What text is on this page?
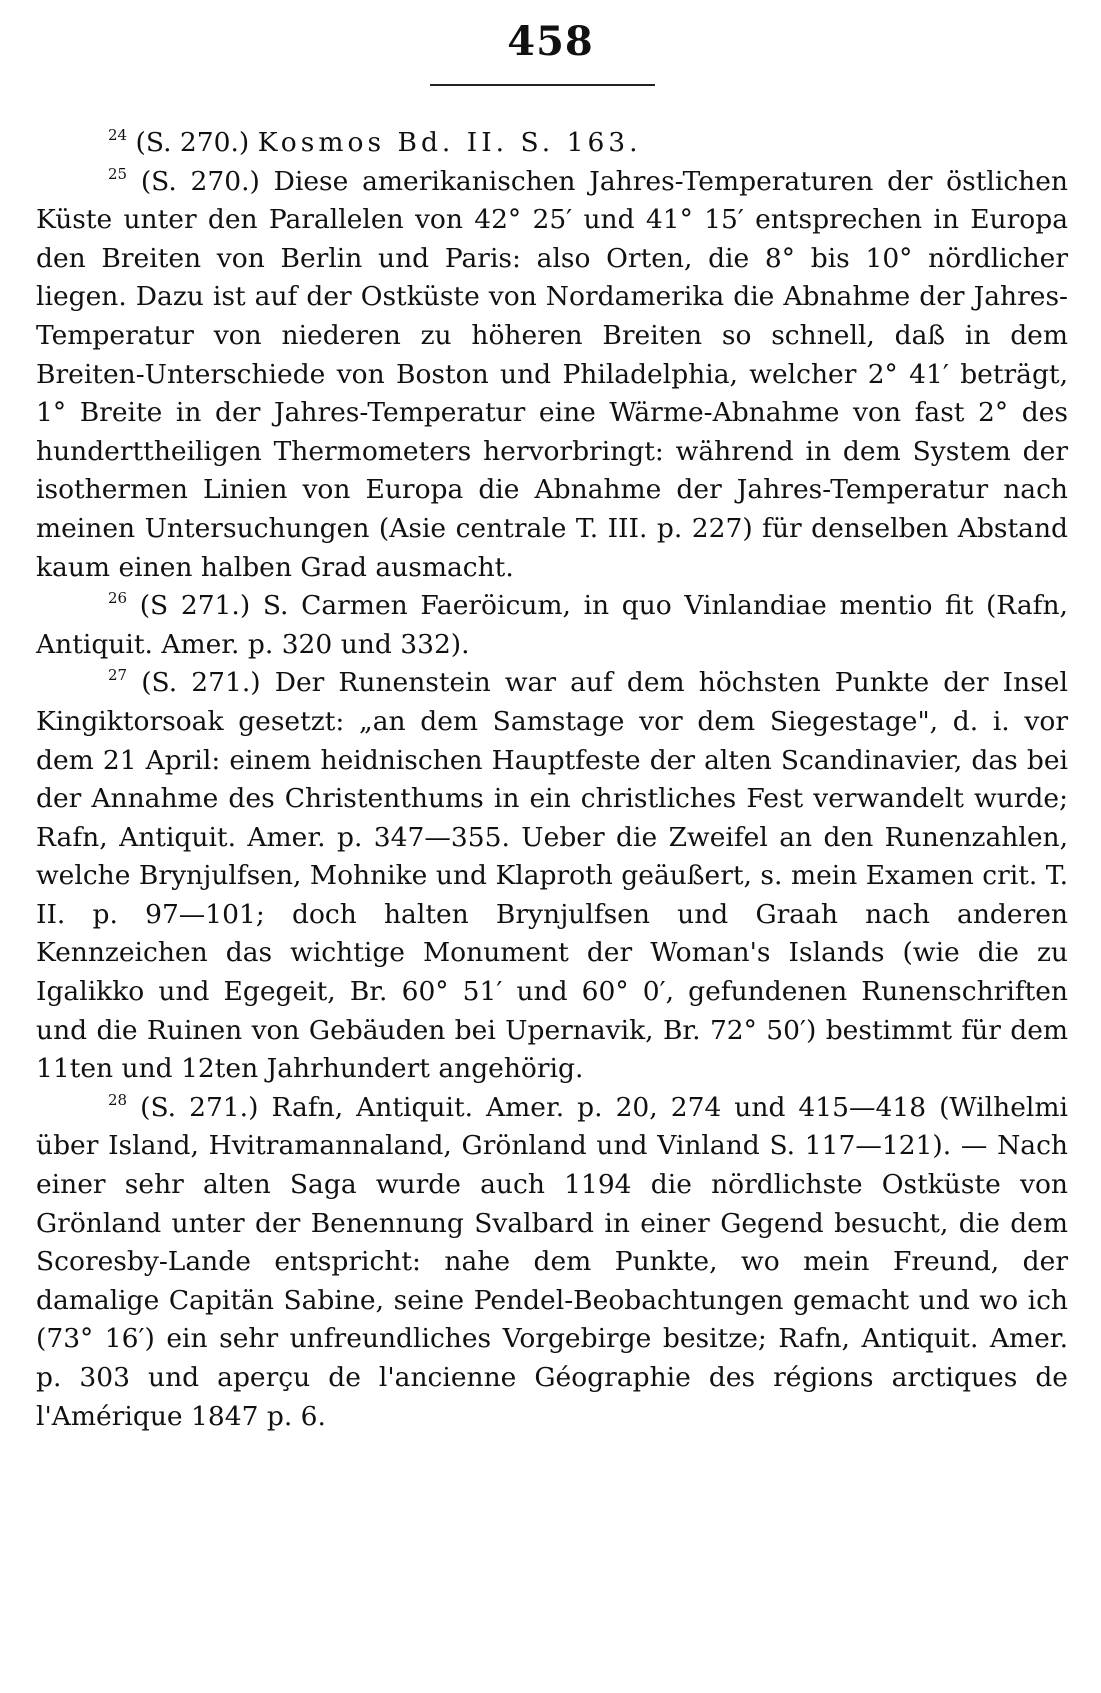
458

$^{24}$ (S. 270.) Kosmos Bd. II. S. 163.

$^{25}$ (S. 270.) Diese amerikanischen Jahres-Temperaturen der östlichen Küste unter den Parallelen von 42° 25′ und 41° 15′ entsprechen in Europa den Breiten von Berlin und Paris: also Orten, die 8° bis 10° nördlicher liegen. Dazu ist auf der Ostküste von Nordamerika die Abnahme der Jahres-Temperatur von niederen zu höheren Breiten so schnell, daß in dem Breiten-Unterschiede von Boston und Philadelphia, welcher 2° 41′ beträgt, 1° Breite in der Jahres-Temperatur eine Wärme-Abnahme von fast 2° des hunderttheiligen Thermometers hervorbringt: während in dem System der isothermen Linien von Europa die Abnahme der Jahres-Temperatur nach meinen Untersuchungen (Asie centrale T. III. p. 227) für denselben Abstand kaum einen halben Grad ausmacht.

$^{26}$ (S 271.) S. Carmen Faeröicum, in quo Vinlandiae mentio fit (Rafn, Antiquit. Amer. p. 320 und 332).

$^{27}$ (S. 271.) Der Runenstein war auf dem höchsten Punkte der Insel Kingiktorsoak gesetzt: „an dem Samstage vor dem Siegestage", d. i. vor dem 21 April: einem heidnischen Hauptfeste der alten Scandinavier, das bei der Annahme des Christenthums in ein christliches Fest verwandelt wurde; Rafn, Antiquit. Amer. p. 347—355. Ueber die Zweifel an den Runenzahlen, welche Brynjulfsen, Mohnike und Klaproth geäußert, s. mein Examen crit. T. II. p. 97—101; doch halten Brynjulfsen und Graah nach anderen Kennzeichen das wichtige Monument der Woman's Islands (wie die zu Igalikko und Egegeit, Br. 60° 51′ und 60° 0′, gefundenen Runenschriften und die Ruinen von Gebäuden bei Upernavik, Br. 72° 50′) bestimmt für dem 11ten und 12ten Jahrhundert angehörig.

$^{28}$ (S. 271.) Rafn, Antiquit. Amer. p. 20, 274 und 415—418 (Wilhelmi über Island, Hvitramannaland, Grönland und Vinland S. 117—121). — Nach einer sehr alten Saga wurde auch 1194 die nördlichste Ostküste von Grönland unter der Benennung Svalbard in einer Gegend besucht, die dem Scoresby-Lande entspricht: nahe dem Punkte, wo mein Freund, der damalige Capitän Sabine, seine Pendel-Beobachtungen gemacht und wo ich (73° 16′) ein sehr unfreundliches Vorgebirge besitze; Rafn, Antiquit. Amer. p. 303 und aperçu de l'ancienne Géographie des régions arctiques de l'Amérique 1847 p. 6.
